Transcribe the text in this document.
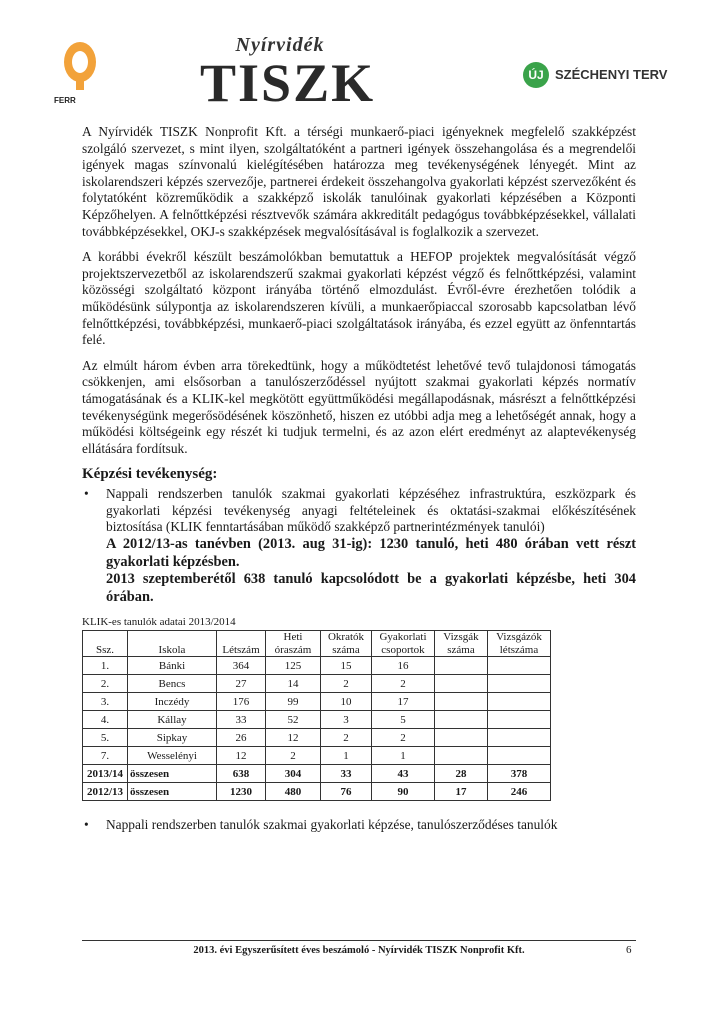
FERR
Nyírvidék
TISZK	ÚJ SZÉCHENYI TERV

A Nyírvidék TISZK Nonprofit Kft. a térségi munkaerő-piaci igényeknek megfelelő szakképzést szolgáló szervezet, s mint ilyen, szolgáltatóként a partneri igények összehangolása és a megrendelői igények magas színvonalú kielégítésében határozza meg tevékenységének lényegét. Mint az iskolarendszeri képzés szervezője, partnerei érdekeit összehangolva gyakorlati képzést szervezőként és folytatóként közreműködik a szakképző iskolák tanulóinak gyakorlati képzésében a Központi Képzőhelyen. A felnőttképzési résztvevők számára akkreditált pedagógus továbbképzésekkel, vállalati továbbképzésekkel, OKJ-s szakképzések megvalósításával is foglalkozik a szervezet.

A korábbi évekről készült beszámolókban bemutattuk a HEFOP projektek megvalósítását végző projektszervezetből az iskolarendszerű szakmai gyakorlati képzést végző és felnőttképzési, valamint közösségi szolgáltató központ irányába történő elmozdulást. Évről-évre érezhetően tolódik a működésünk súlypontja az iskolarendszeren kívüli, a munkaerőpiaccal szorosabb kapcsolatban lévő felnőttképzési, továbbképzési, munkaerő-piaci szolgáltatások irányába, és ezzel együtt az önfenntartás felé.

Az elmúlt három évben arra törekedtünk, hogy a működtetést lehetővé tevő tulajdonosi támogatás csökkenjen, ami elsősorban a tanulószerződéssel nyújtott szakmai gyakorlati képzés normatív támogatásának és a KLIK-kel megkötött együttműködési megállapodásnak, másrészt a felnőttképzési tevékenységünk megerősödésének köszönhető, hiszen ez utóbbi adja meg a lehetőségét annak, hogy a működési költségeink egy részét ki tudjuk termelni, és az azon elért eredményt az alaptevékenység ellátására fordítsuk.

Képzési tevékenység:
• Nappali rendszerben tanulók szakmai gyakorlati képzéséhez infrastruktúra, eszközpark és gyakorlati képzési tevékenység anyagi feltételeinek és oktatási-szakmai előkészítésének biztosítása (KLIK fenntartásában működő szakképző partnerintézmények tanulói)

A 2012/13-as tanévben (2013. aug 31-ig): 1230 tanuló, heti 480 órában vett részt gyakorlati képzésben.

2013 szeptemberétől 638 tanuló kapcsolódott be a gyakorlati képzésbe, heti 304 órában.

KLIK-es tanulók adatai 2013/2014
Ssz.	Iskola	Létszám	Heti óraszám	Okratók száma	Gyakorlati csoportok	Vizsgák száma	Vizsgázók létszáma
1.	Bánki	364	125	15	16		
2.	Bencs	27	14	2	2		
3.	Inczédy	176	99	10	17		
4.	Kállay	33	52	3	5		
5.	Sipkay	26	12	2	2		
7.	Wesselényi	12	2	1	1		
2013/14	összesen	638	304	33	43	28	378
2012/13	összesen	1230	480	76	90	17	246
• Nappali rendszerben tanulók szakmai gyakorlati képzése, tanulószerződéses tanulók
2013. évi Egyszerűsített éves beszámoló - Nyírvidék TISZK Nonprofit Kft.	6
